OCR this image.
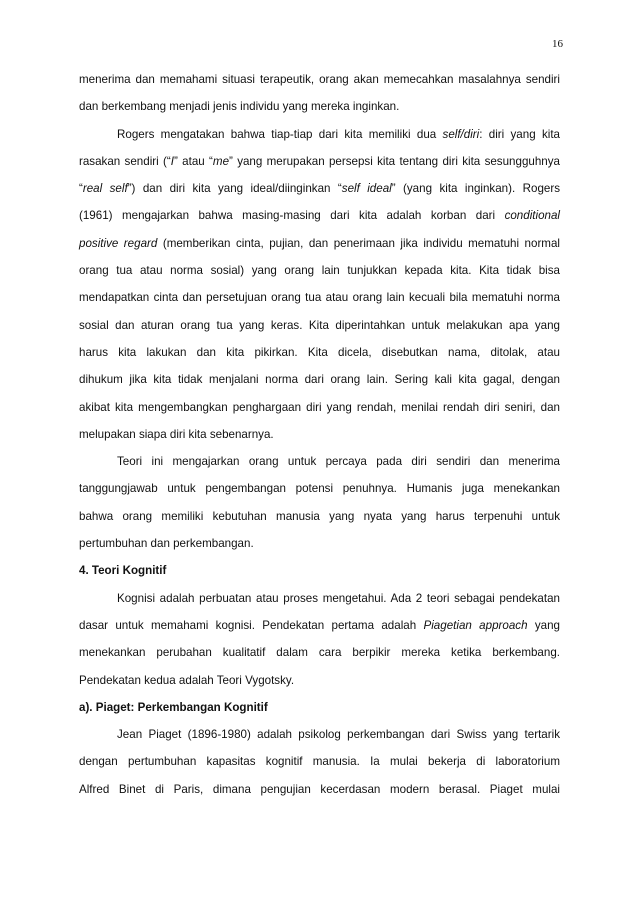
16
menerima dan memahami situasi terapeutik, orang akan memecahkan masalahnya sendiri
dan berkembang menjadi jenis individu yang mereka inginkan.
Rogers mengatakan bahwa tiap-tiap dari kita memiliki dua self/diri: diri yang kita
rasakan sendiri (“I” atau “me” yang merupakan persepsi kita tentang diri kita sesungguhnya
“real self”) dan diri kita yang ideal/diinginkan “self ideal” (yang kita inginkan). Rogers
(1961) mengajarkan bahwa masing-masing dari kita adalah korban dari conditional
positive regard (memberikan cinta, pujian, dan penerimaan jika individu mematuhi normal
orang tua atau norma sosial) yang orang lain tunjukkan kepada kita. Kita tidak bisa
mendapatkan cinta dan persetujuan orang tua atau orang lain kecuali bila mematuhi norma
sosial dan aturan orang tua yang keras. Kita diperintahkan untuk melakukan apa yang
harus kita lakukan dan kita pikirkan. Kita dicela, disebutkan nama, ditolak, atau
dihukum jika kita tidak menjalani norma dari orang lain. Sering kali kita gagal, dengan
akibat kita mengembangkan penghargaan diri yang rendah, menilai rendah diri seniri, dan
melupakan siapa diri kita sebenarnya.
Teori ini mengajarkan orang untuk percaya pada diri sendiri dan menerima
tanggungjawab untuk pengembangan potensi penuhnya. Humanis juga menekankan
bahwa orang memiliki kebutuhan manusia yang nyata yang harus terpenuhi untuk
pertumbuhan dan perkembangan.
4. Teori Kognitif
Kognisi adalah perbuatan atau proses mengetahui. Ada 2 teori sebagai pendekatan
dasar untuk memahami kognisi. Pendekatan pertama adalah Piagetian approach yang
menekankan perubahan kualitatif dalam cara berpikir mereka ketika berkembang.
Pendekatan kedua adalah Teori Vygotsky.
a). Piaget: Perkembangan Kognitif
Jean Piaget (1896-1980) adalah psikolog perkembangan dari Swiss yang tertarik
dengan pertumbuhan kapasitas kognitif manusia. Ia mulai bekerja di laboratorium
Alfred Binet di Paris, dimana pengujian kecerdasan modern berasal. Piaget mulai
